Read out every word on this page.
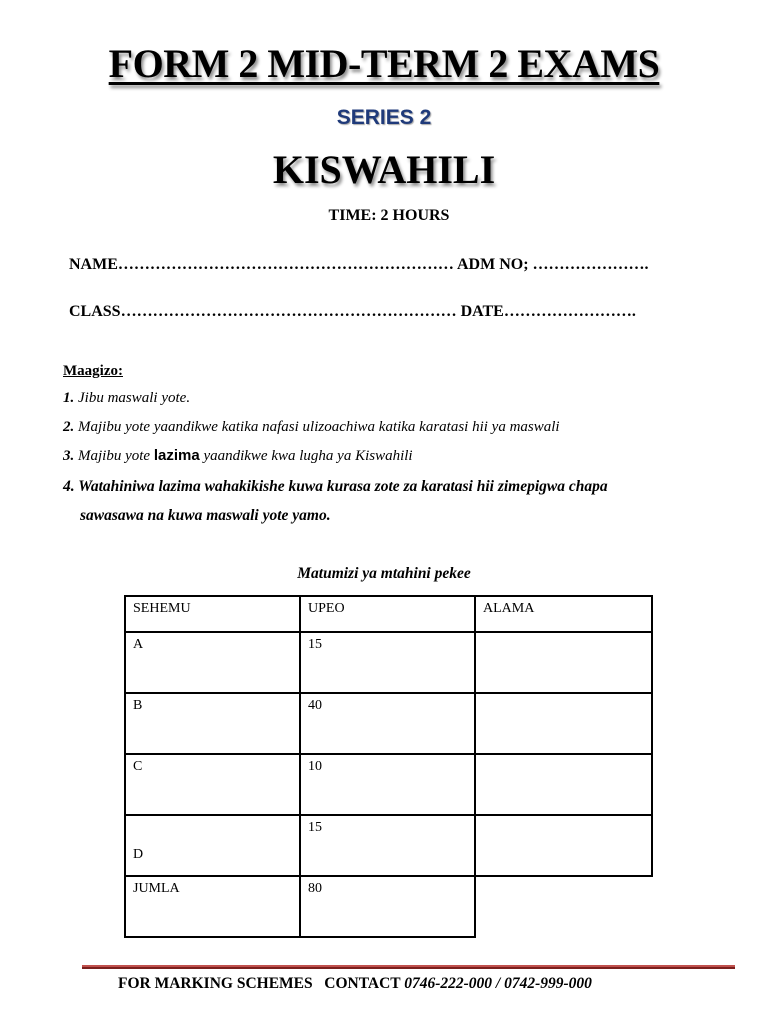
FORM 2 MID-TERM 2 EXAMS
SERIES 2
KISWAHILI
TIME: 2 HOURS
NAME……………………………………………………… ADM NO; ………………….
CLASS……………………………………………………… DATE…………………….
Maagizo:
1. Jibu maswali yote.
2. Majibu yote yaandikwe katika nafasi ulizoachiwa katika karatasi hii ya maswali
3. Majibu yote lazima yaandikwe kwa lugha ya Kiswahili
4. Watahiniwa lazima wahakikishe kuwa kurasa zote za karatasi hii zimepigwa chapa
sawasawa na kuwa maswali yote yamo.
Matumizi ya mtahini pekee
SEHEMU	UPEO	ALAMA
A	15	
B	40	
C	10	

D	15	
JUMLA	80	
FOR MARKING SCHEMES   CONTACT 0746-222-000 / 0742-999-000
